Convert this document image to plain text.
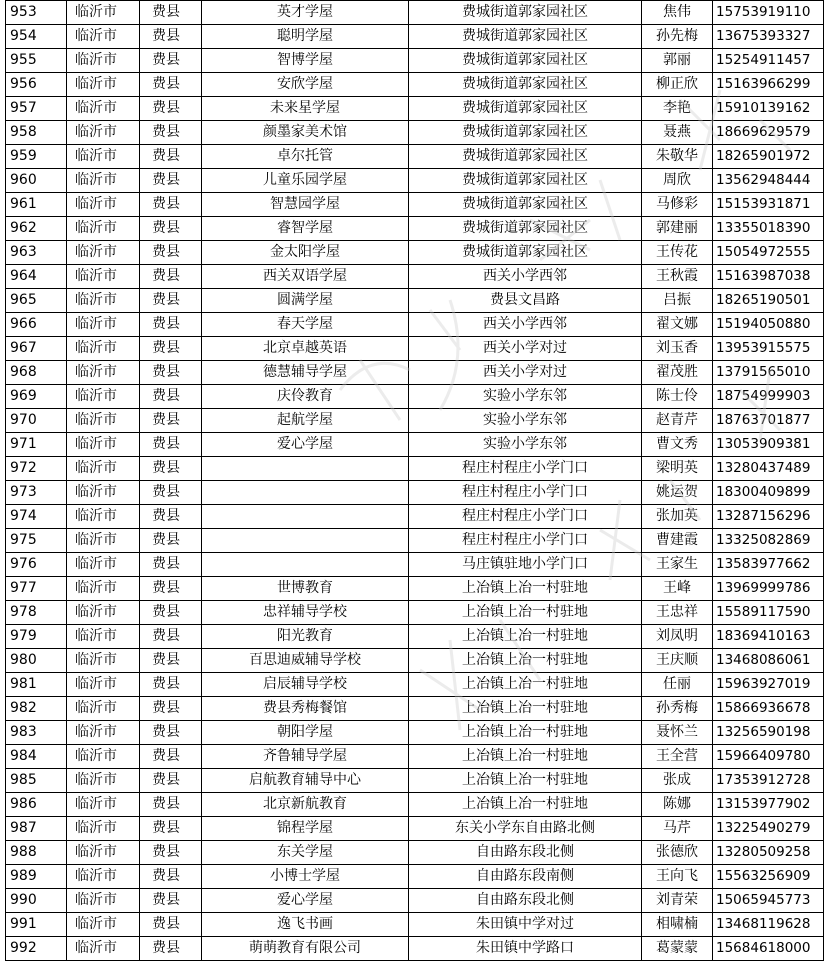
953	临沂市	费县	英才学屋	费城街道郭家园社区	焦伟	15753919110
954	临沂市	费县	聪明学屋	费城街道郭家园社区	孙先梅	13675393327
955	临沂市	费县	智博学屋	费城街道郭家园社区	郭丽	15254911457
956	临沂市	费县	安欣学屋	费城街道郭家园社区	柳正欣	15163966299
957	临沂市	费县	未来星学屋	费城街道郭家园社区	李艳	15910139162
958	临沂市	费县	颜墨家美术馆	费城街道郭家园社区	聂燕	18669629579
959	临沂市	费县	卓尔托管	费城街道郭家园社区	朱敬华	18265901972
960	临沂市	费县	儿童乐园学屋	费城街道郭家园社区	周欣	13562948444
961	临沂市	费县	智慧园学屋	费城街道郭家园社区	马修彩	15153931871
962	临沂市	费县	睿智学屋	费城街道郭家园社区	郭建丽	13355018390
963	临沂市	费县	金太阳学屋	费城街道郭家园社区	王传花	15054972555
964	临沂市	费县	西关双语学屋	西关小学西邻	王秋霞	15163987038
965	临沂市	费县	圆满学屋	费县文昌路	吕振	18265190501
966	临沂市	费县	春天学屋	西关小学西邻	翟文娜	15194050880
967	临沂市	费县	北京卓越英语	西关小学对过	刘玉香	13953915575
968	临沂市	费县	德慧辅导学屋	西关小学对过	翟茂胜	13791565010
969	临沂市	费县	庆伶教育	实验小学东邻	陈士伶	18754999903
970	临沂市	费县	起航学屋	实验小学东邻	赵青芹	18763701877
971	临沂市	费县	爱心学屋	实验小学东邻	曹文秀	13053909381
972	临沂市	费县		程庄村程庄小学门口	梁明英	13280437489
973	临沂市	费县		程庄村程庄小学门口	姚运贺	18300409899
974	临沂市	费县		程庄村程庄小学门口	张加英	13287156296
975	临沂市	费县		程庄村程庄小学门口	曹建霞	13325082869
976	临沂市	费县		马庄镇驻地小学门口	王家生	13583977662
977	临沂市	费县	世博教育	上冶镇上冶一村驻地	王峰	13969999786
978	临沂市	费县	忠祥辅导学校	上冶镇上冶一村驻地	王忠祥	15589117590
979	临沂市	费县	阳光教育	上冶镇上冶一村驻地	刘凤明	18369410163
980	临沂市	费县	百思迪威辅导学校	上冶镇上冶一村驻地	王庆顺	13468086061
981	临沂市	费县	启辰辅导学校	上冶镇上冶一村驻地	任丽	15963927019
982	临沂市	费县	费县秀梅餐馆	上冶镇上冶一村驻地	孙秀梅	15866936678
983	临沂市	费县	朝阳学屋	上冶镇上冶一村驻地	聂怀兰	13256590198
984	临沂市	费县	齐鲁辅导学屋	上冶镇上冶一村驻地	王全营	15966409780
985	临沂市	费县	启航教育辅导中心	上冶镇上冶一村驻地	张成	17353912728
986	临沂市	费县	北京新航教育	上冶镇上冶一村驻地	陈娜	13153977902
987	临沂市	费县	锦程学屋	东关小学东自由路北侧	马芹	13225490279
988	临沂市	费县	东关学屋	自由路东段北侧	张德欣	13280509258
989	临沂市	费县	小博士学屋	自由路东段南侧	王向飞	15563256909
990	临沂市	费县	爱心学屋	自由路东段北侧	刘青荣	15065945773
991	临沂市	费县	逸飞书画	朱田镇中学对过	相啸楠	13468119628
992	临沂市	费县	萌萌教育有限公司	朱田镇中学路口	葛蒙蒙	15684618000
